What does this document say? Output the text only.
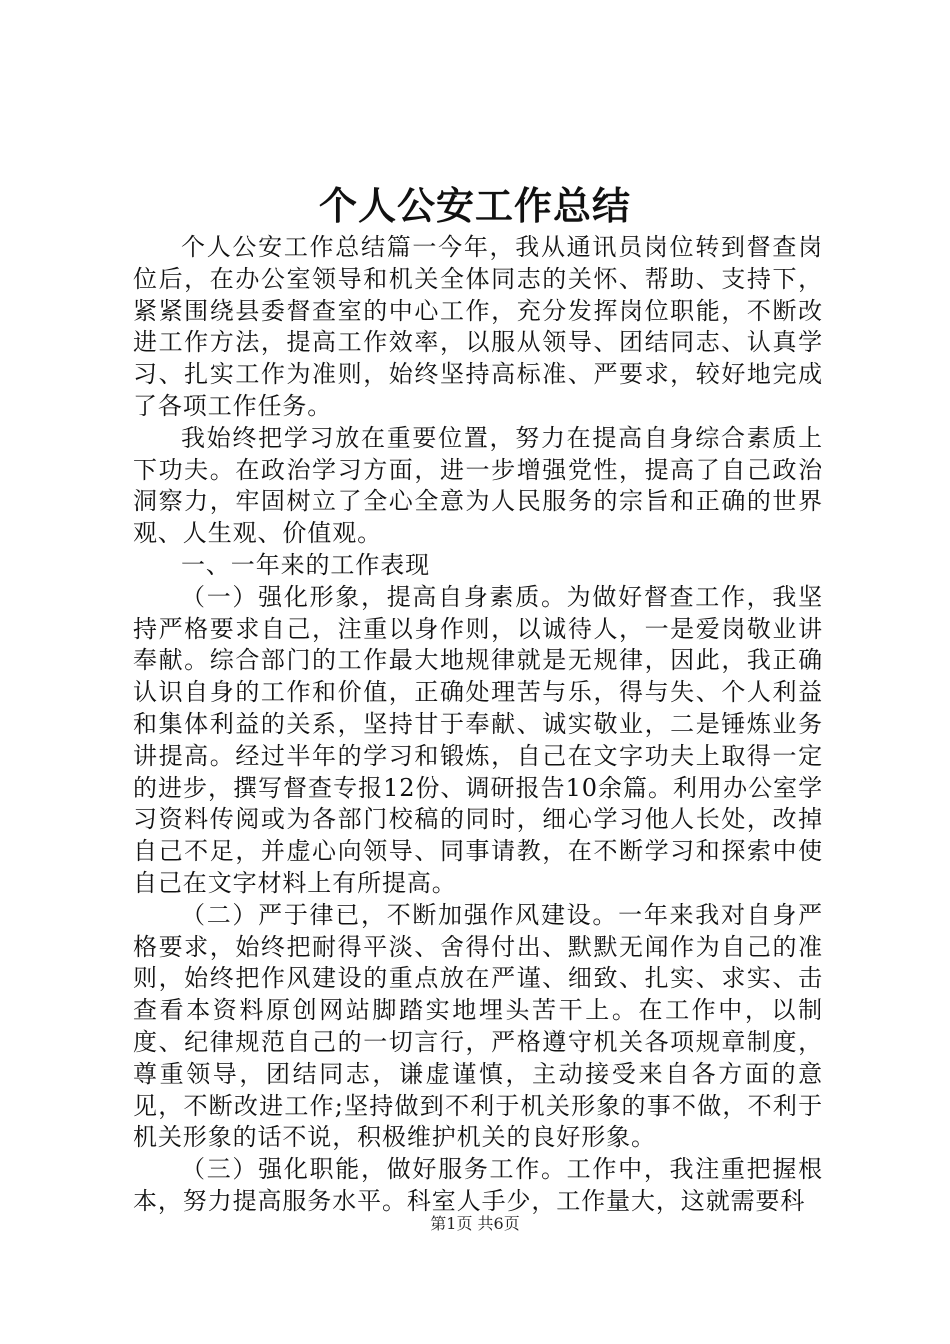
个人公安工作总结

个人公安工作总结篇一今年，我从通讯员岗位转到督查岗位后，在办公室领导和机关全体同志的关怀、帮助、支持下，紧紧围绕县委督查室的中心工作，充分发挥岗位职能，不断改进工作方法，提高工作效率，以服从领导、团结同志、认真学习、扎实工作为准则，始终坚持高标准、严要求，较好地完成了各项工作任务。

我始终把学习放在重要位置，努力在提高自身综合素质上下功夫。在政治学习方面，进一步增强党性，提高了自己政治洞察力，牢固树立了全心全意为人民服务的宗旨和正确的世界观、人生观、价值观。

一、一年来的工作表现

（一）强化形象，提高自身素质。为做好督查工作，我坚持严格要求自己，注重以身作则，以诚待人，一是爱岗敬业讲奉献。综合部门的工作最大地规律就是无规律，因此，我正确认识自身的工作和价值，正确处理苦与乐，得与失、个人利益和集体利益的关系，坚持甘于奉献、诚实敬业，二是锤炼业务讲提高。经过半年的学习和锻炼，自己在文字功夫上取得一定的进步，撰写督查专报12份、调研报告10余篇。利用办公室学习资料传阅或为各部门校稿的同时，细心学习他人长处，改掉自己不足，并虚心向领导、同事请教，在不断学习和探索中使自己在文字材料上有所提高。

（二）严于律已，不断加强作风建设。一年来我对自身严格要求，始终把耐得平淡、舍得付出、默默无闻作为自己的准则，始终把作风建设的重点放在严谨、细致、扎实、求实、击查看本资料原创网站脚踏实地埋头苦干上。在工作中，以制度、纪律规范自己的一切言行，严格遵守机关各项规章制度，尊重领导，团结同志，谦虚谨慎，主动接受来自各方面的意见，不断改进工作;坚持做到不利于机关形象的事不做，不利于机关形象的话不说，积极维护机关的良好形象。

（三）强化职能，做好服务工作。工作中，我注重把握根本，努力提高服务水平。科室人手少，工作量大，这就需要科

第1页 共6页
